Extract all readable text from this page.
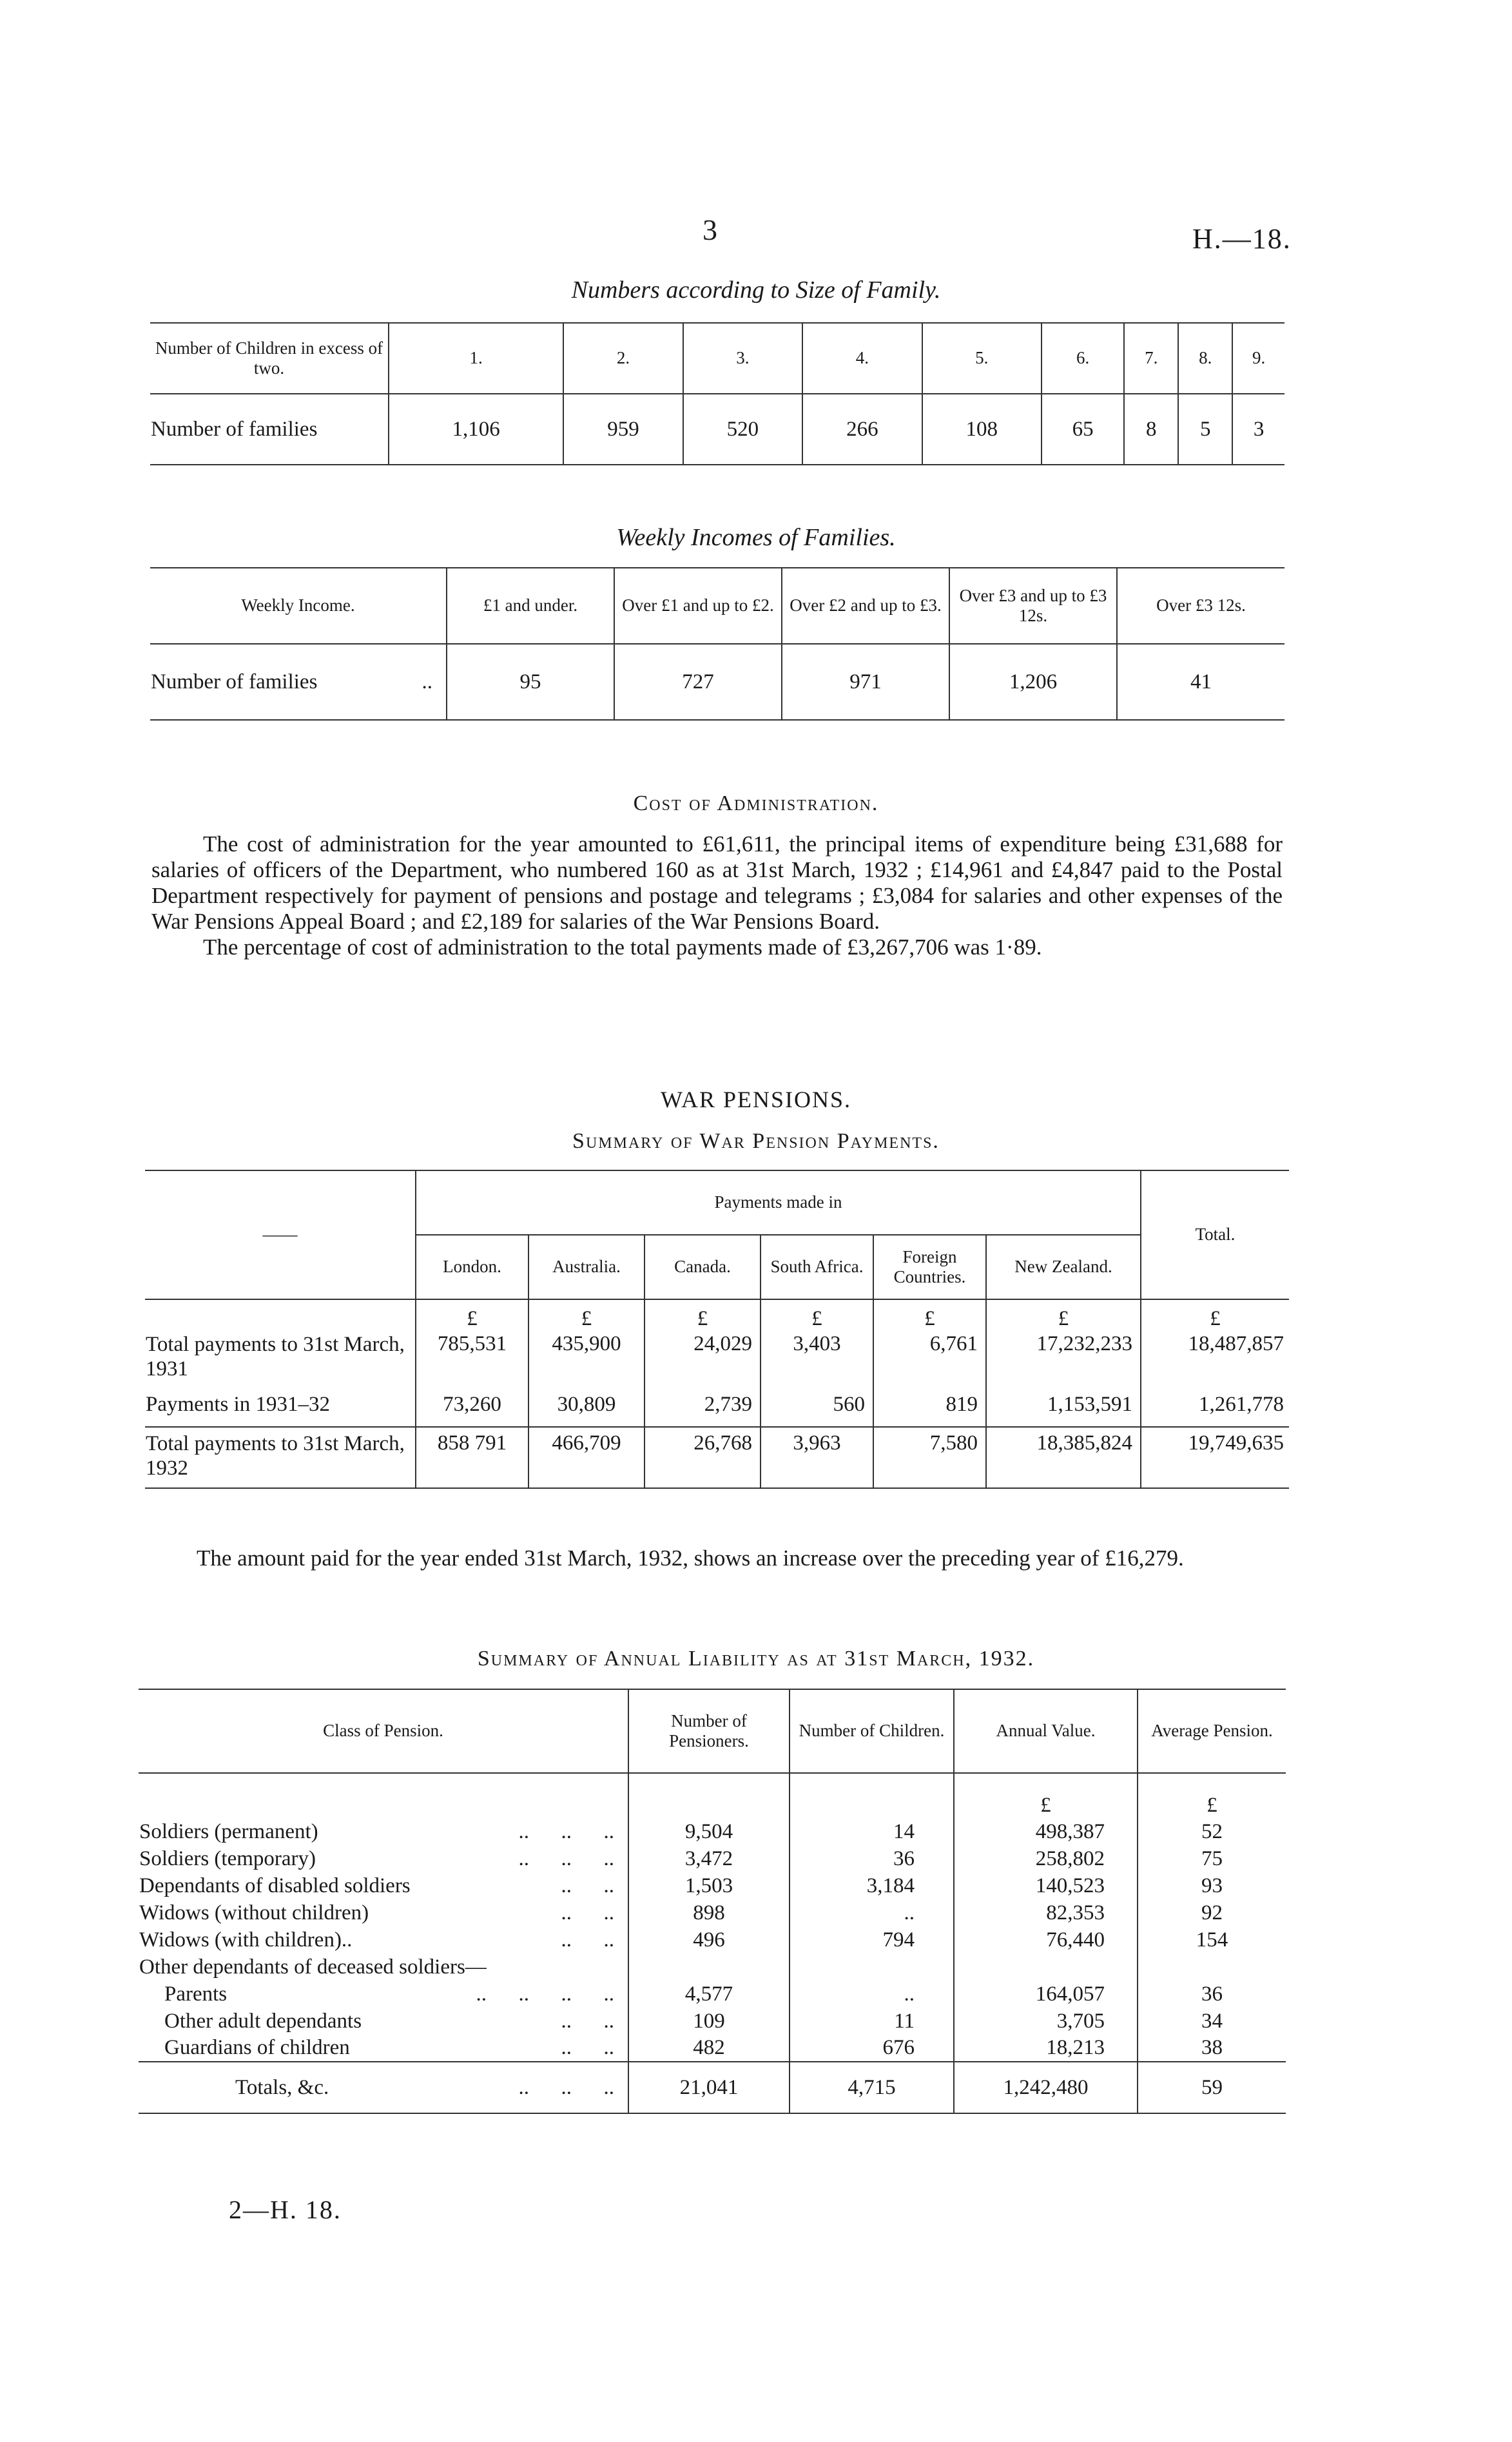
3	H.—18.
Numbers according to Size of Family.
Number of Children in excess of two.	1.	2.	3.	4.	5.	6.	7.	8.	9.
Number of families	1,106	959	520	266	108	65	8	5	3
Weekly Incomes of Families.
Weekly Income.	£1 and under.	Over £1 and up to £2.	Over £2 and up to £3.	Over £3 and up to £3 12s.	Over £3 12s.
Number of families ..	95	727	971	1,206	41
Cost of Administration.

The cost of administration for the year amounted to £61,611, the principal items of expenditure being £31,688 for salaries of officers of the Department, who numbered 160 as at 31st March, 1932 ; £14,961 and £4,847 paid to the Postal Department respectively for payment of pensions and postage and telegrams ; £3,084 for salaries and other expenses of the War Pensions Appeal Board ; and £2,189 for salaries of the War Pensions Board.

The percentage of cost of administration to the total payments made of £3,267,706 was 1·89.

WAR PENSIONS.
Summary of War Pension Payments.
——	Payments made in						Total.
	London.	Australia.	Canada.	South Africa.	Foreign Countries.	New Zealand.	
	£	£	£	£	£	£	£
Total payments to 31st March, 1931	785,531	435,900	24,029	3,403	6,761	17,232,233	18,487,857
Payments in 1931–32	73,260	30,809	2,739	560	819	1,153,591	1,261,778
Total payments to 31st March, 1932	858 791	466,709	26,768	3,963	7,580	18,385,824	19,749,635

The amount paid for the year ended 31st March, 1932, shows an increase over the preceding year of £16,279.

Summary of Annual Liability as at 31st March, 1932.
Class of Pension.	Number of Pensioners.	Number of Children.	Annual Value.	Average Pension.
			£	£
Soldiers (permanent) ..      ..      ..	9,504	14	498,387	52
Soldiers (temporary) ..      ..      ..	3,472	36	258,802	75
Dependants of disabled soldiers ..      ..	1,503	3,184	140,523	93
Widows (without children) ..      ..	898	..	82,353	92
Widows (with children).. ..      ..	496	794	76,440	154
Other dependants of deceased soldiers—				
Parents ..      ..      ..      ..	4,577	..	164,057	36
Other adult dependants ..      ..	109	11	3,705	34
Guardians of children ..      ..	482	676	18,213	38
Totals, &c. ..      ..      ..	21,041	4,715	1,242,480	59
2—H. 18.
